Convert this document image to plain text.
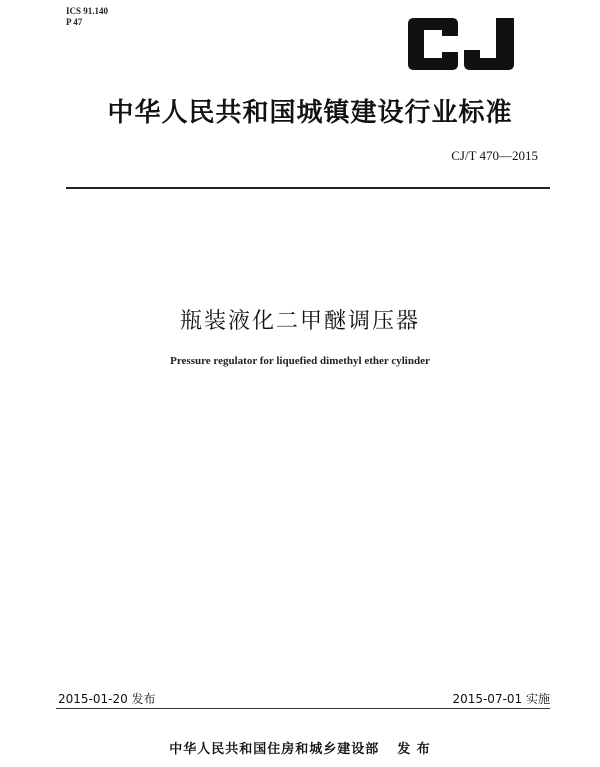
ICS 91.140
P 47
中华人民共和国城镇建设行业标准
CJ/T 470—2015
瓶装液化二甲醚调压器
Pressure regulator for liquefied dimethyl ether cylinder
2015-01-20 发布	2015-07-01 实施
中华人民共和国住房和城乡建设部 发 布
